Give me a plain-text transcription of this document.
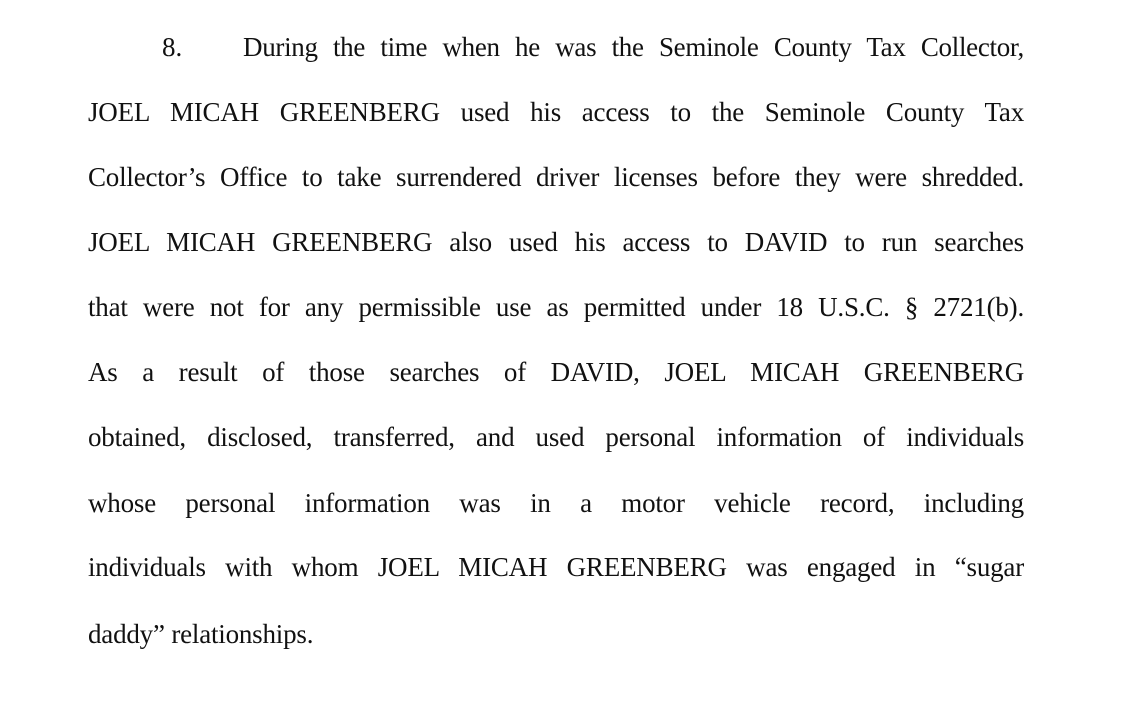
8. During the time when he was the Seminole County Tax Collector,
JOEL MICAH GREENBERG used his access to the Seminole County Tax
Collector’s Office to take surrendered driver licenses before they were shredded.
JOEL MICAH GREENBERG also used his access to DAVID to run searches
that were not for any permissible use as permitted under 18 U.S.C. § 2721(b).
As a result of those searches of DAVID, JOEL MICAH GREENBERG
obtained, disclosed, transferred, and used personal information of individuals
whose personal information was in a motor vehicle record, including
individuals with whom JOEL MICAH GREENBERG was engaged in “sugar
daddy” relationships.
